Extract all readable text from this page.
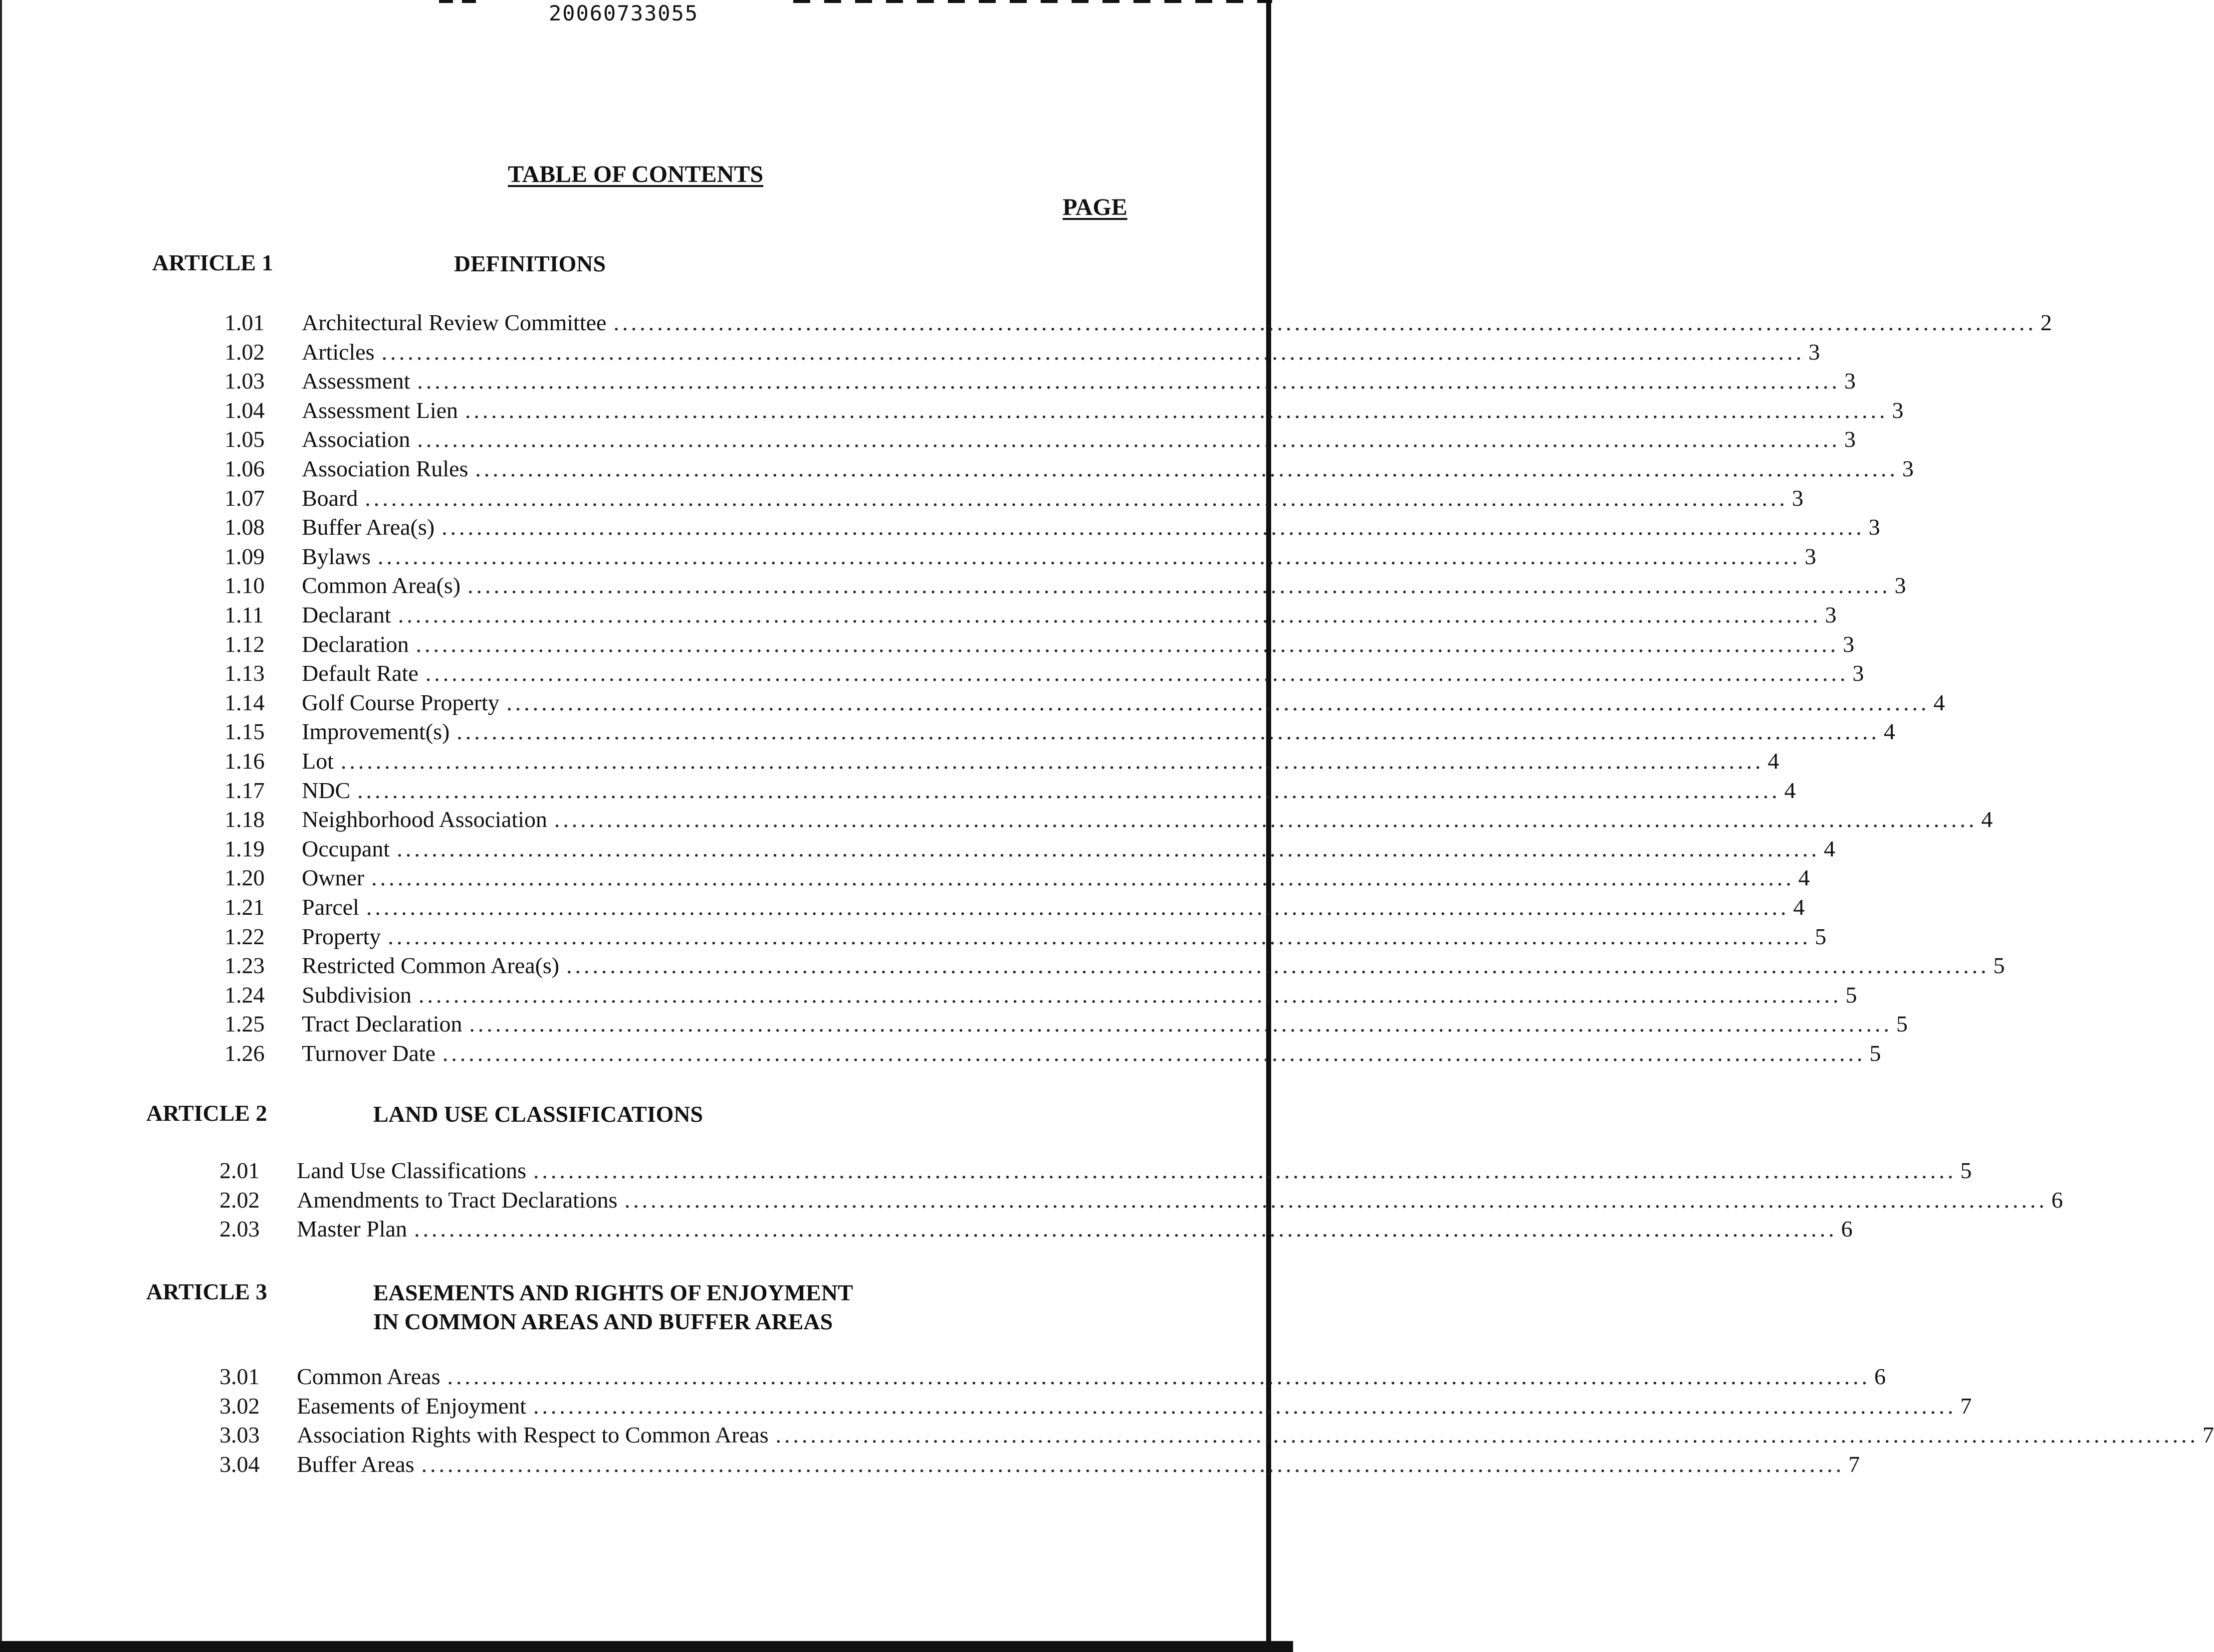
20060733055
TABLE OF CONTENTS
PAGE
ARTICLE 1	DEFINITIONS
1.01	Architectural Review Committee ................................................................................................................................................................... 2
1.02	Articles ................................................................................................................................................................... 3
1.03	Assessment ................................................................................................................................................................... 3
1.04	Assessment Lien ................................................................................................................................................................... 3
1.05	Association ................................................................................................................................................................... 3
1.06	Association Rules ................................................................................................................................................................... 3
1.07	Board ................................................................................................................................................................... 3
1.08	Buffer Area(s) ................................................................................................................................................................... 3
1.09	Bylaws ................................................................................................................................................................... 3
1.10	Common Area(s) ................................................................................................................................................................... 3
1.11	Declarant ................................................................................................................................................................... 3
1.12	Declaration ................................................................................................................................................................... 3
1.13	Default Rate ................................................................................................................................................................... 3
1.14	Golf Course Property ................................................................................................................................................................... 4
1.15	Improvement(s) ................................................................................................................................................................... 4
1.16	Lot ................................................................................................................................................................... 4
1.17	NDC ................................................................................................................................................................... 4
1.18	Neighborhood Association ................................................................................................................................................................... 4
1.19	Occupant ................................................................................................................................................................... 4
1.20	Owner ................................................................................................................................................................... 4
1.21	Parcel ................................................................................................................................................................... 4
1.22	Property ................................................................................................................................................................... 5
1.23	Restricted Common Area(s) ................................................................................................................................................................... 5
1.24	Subdivision ................................................................................................................................................................... 5
1.25	Tract Declaration ................................................................................................................................................................... 5
1.26	Turnover Date ................................................................................................................................................................... 5
ARTICLE 2	LAND USE CLASSIFICATIONS
2.01	Land Use Classifications ................................................................................................................................................................... 5
2.02	Amendments to Tract Declarations ................................................................................................................................................................... 6
2.03	Master Plan ................................................................................................................................................................... 6
ARTICLE 3	EASEMENTS AND RIGHTS OF ENJOYMENT
IN COMMON AREAS AND BUFFER AREAS
3.01	Common Areas ................................................................................................................................................................... 6
3.02	Easements of Enjoyment ................................................................................................................................................................... 7
3.03	Association Rights with Respect to Common Areas ................................................................................................................................................................... 7
3.04	Buffer Areas ................................................................................................................................................................... 7
